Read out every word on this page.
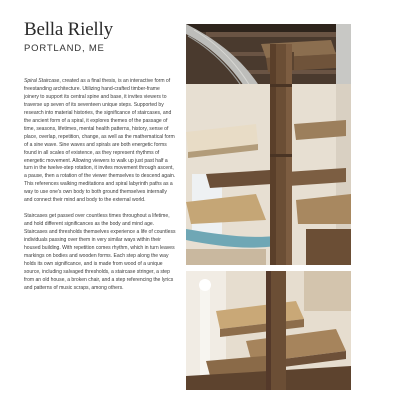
Bella Rielly
PORTLAND, ME

Spiral Staircase, created as a final thesis, is an interactive form of freestanding architecture. Utilizing hand-crafted timber-frame joinery to support its central spine and base, it invites viewers to traverse up seven of its seventeen unique steps. Supported by research into material histories, the significance of staircases, and the ancient form of a spiral, it explores themes of the passage of time, seasons, lifetimes, mental health patterns, history, sense of place, overlap, repetition, change, as well as the mathematical form of a sine wave. Sine waves and spirals are both energetic forms found in all scales of existence, as they represent rhythms of energetic movement. Allowing viewers to walk up just past half a turn in the twelve-step rotation, it invites movement through ascent, a pause, then a rotation of the viewer themselves to descend again. This references walking meditations and spiral labyrinth paths as a way to use one's own body to both ground themselves internally and connect their mind and body to the external world.

Staircases get passed over countless times throughout a lifetime, and hold different significances as the body and mind age. Staircases and thresholds themselves experience a life of countless individuals passing over them in very similar ways within their housed building. With repetition comes rhythm, which in turn leaves markings on bodies and wooden forms. Each step along the way holds its own significance, and is made from wood of a unique source, including salvaged thresholds, a staircase stringer, a step from an old house, a broken chair, and a step referencing the lyrics and patterns of music scraps, among others.
